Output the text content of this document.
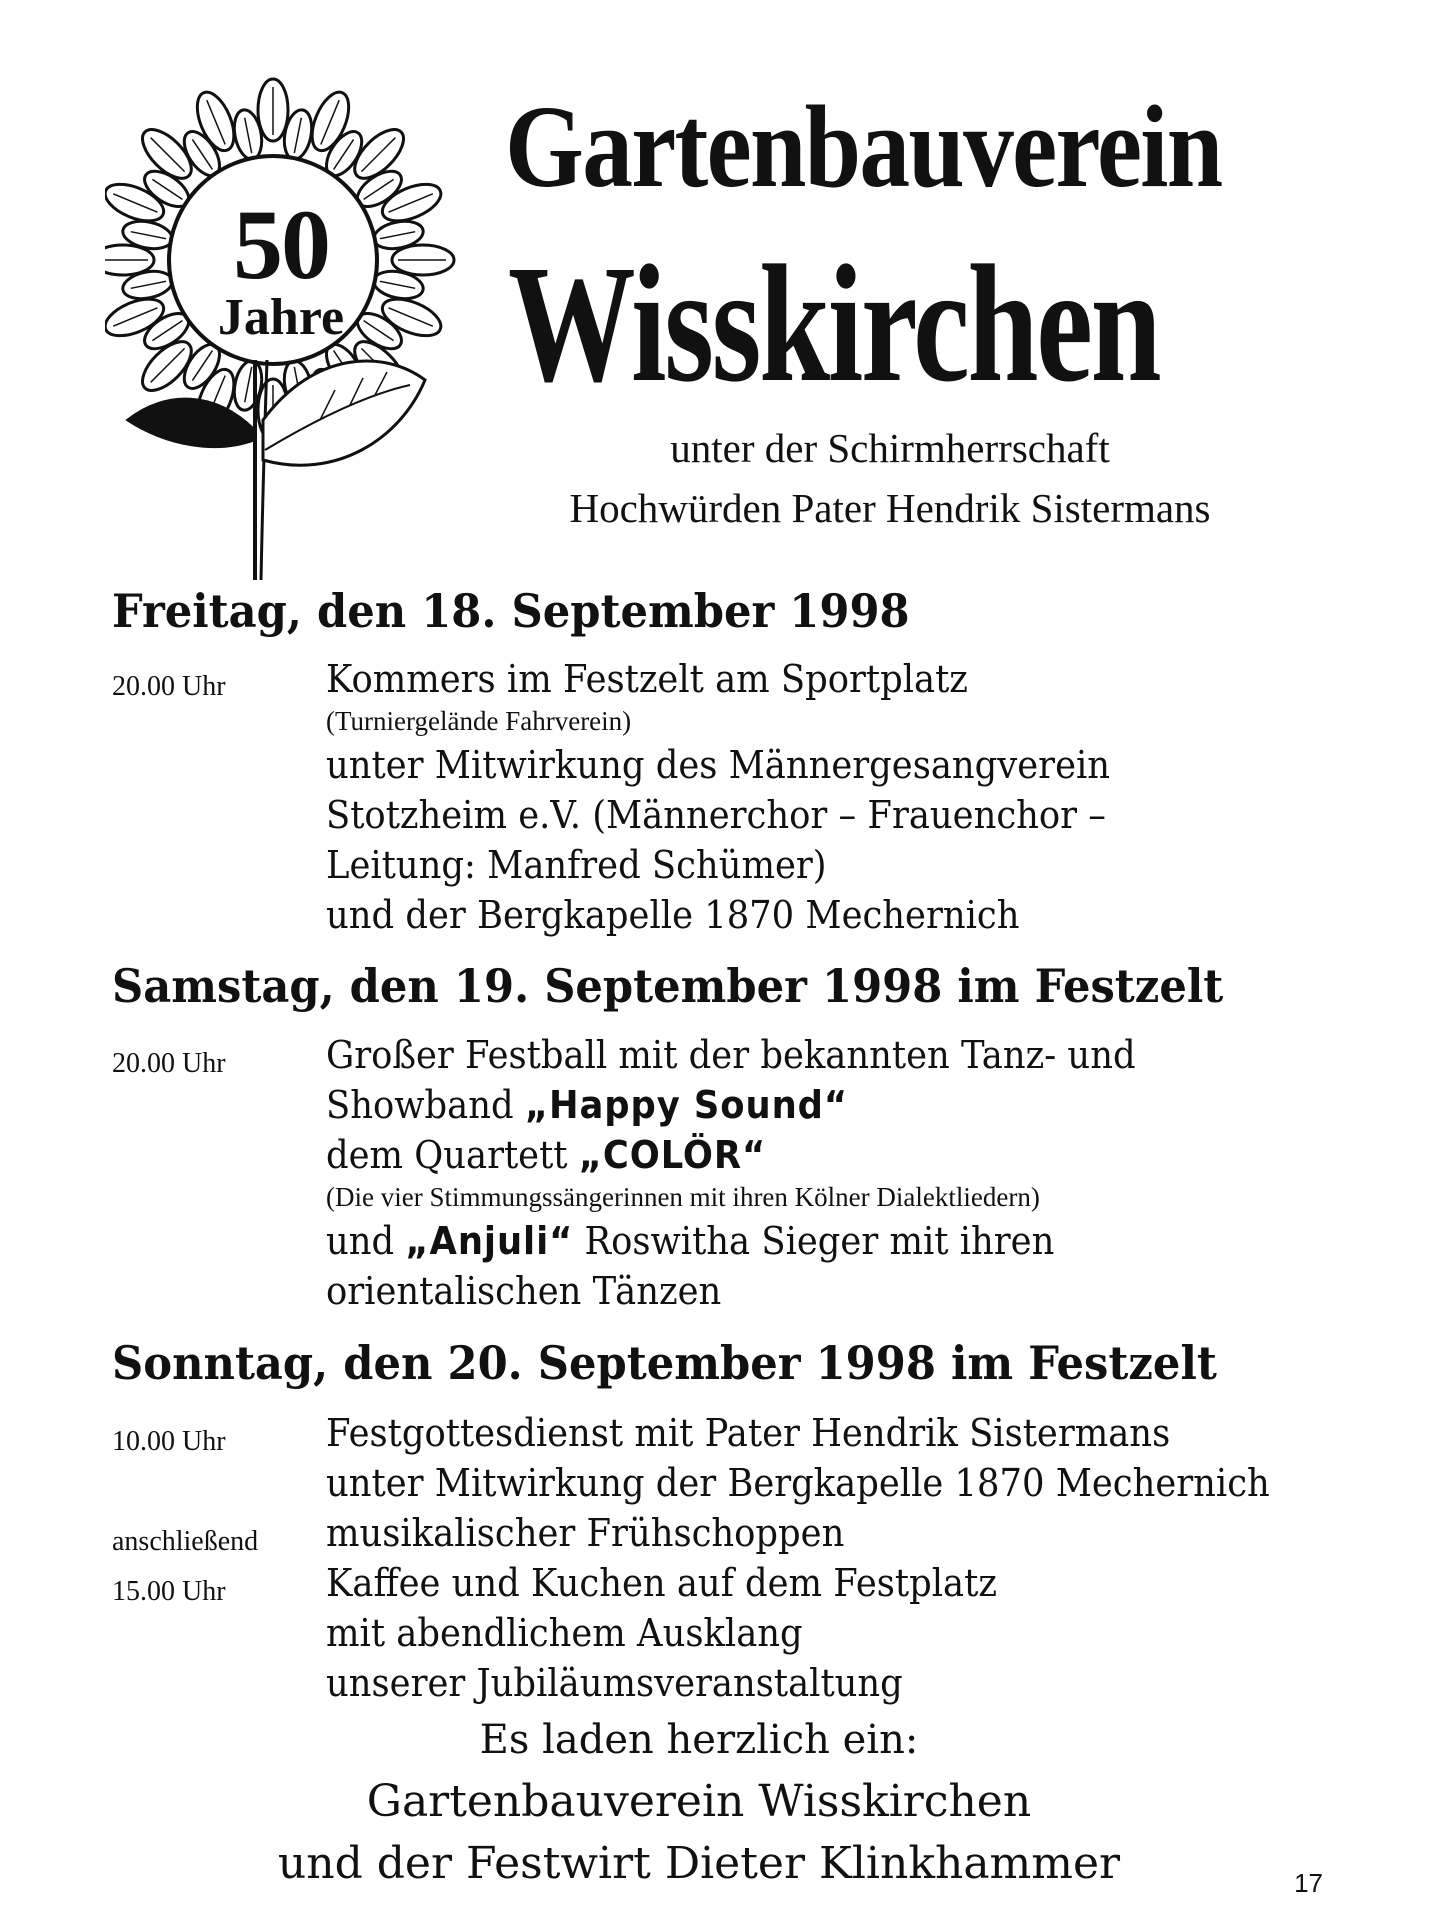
50
Jahre
Gartenbauverein
Wisskirchen
unter der Schirmherrschaft
Hochwürden Pater Hendrik Sistermans
Freitag, den 18. September 1998
20.00 Uhr	Kommers im Festzelt am Sportplatz
(Turniergelände Fahrverein)
unter Mitwirkung des Männergesangverein
Stotzheim e.V. (Männerchor – Frauenchor –
Leitung: Manfred Schümer)
und der Bergkapelle 1870 Mechernich
Samstag, den 19. September 1998 im Festzelt
20.00 Uhr	Großer Festball mit der bekannten Tanz- und
Showband „Happy Sound“
dem Quartett „COLÖR“
(Die vier Stimmungssängerinnen mit ihren Kölner Dialektliedern)
und „Anjuli“ Roswitha Sieger mit ihren
orientalischen Tänzen
Sonntag, den 20. September 1998 im Festzelt
10.00 Uhr	Festgottesdienst mit Pater Hendrik Sistermans
unter Mitwirkung der Bergkapelle 1870 Mechernich
anschließend musikalischer Frühschoppen
15.00 Uhr	Kaffee und Kuchen auf dem Festplatz
mit abendlichem Ausklang
unserer Jubiläumsveranstaltung
Es laden herzlich ein:
Gartenbauverein Wisskirchen
und der Festwirt Dieter Klinkhammer	17
